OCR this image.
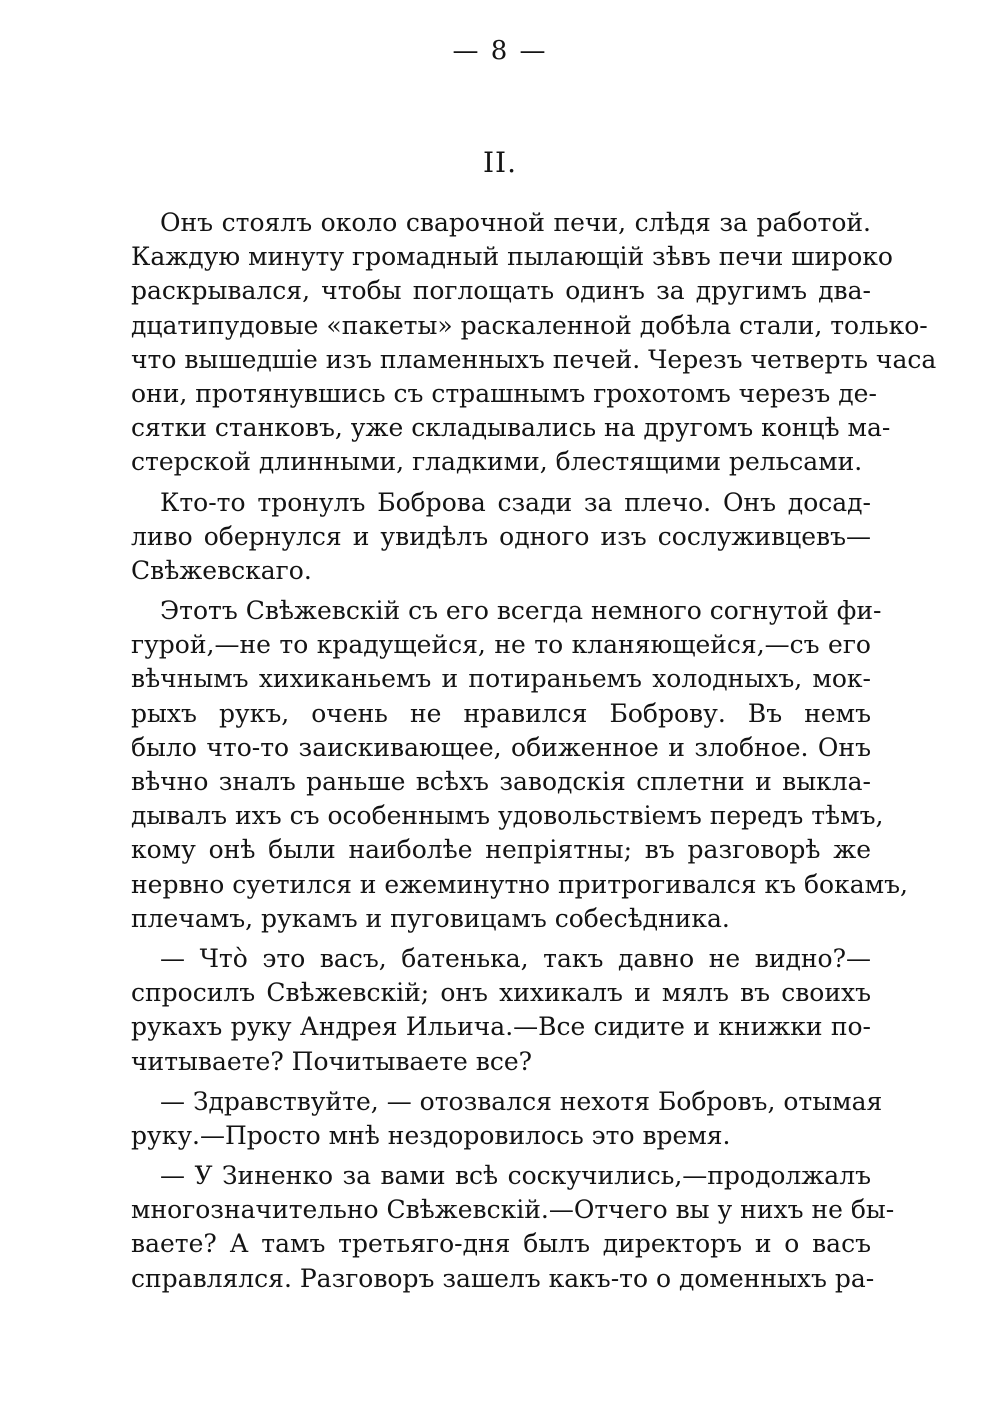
— 8 —
II.
Онъ стоялъ около сварочной печи, слѣдя за работой.
Каждую минуту громадный пылающій зѣвъ печи широко
раскрывался, чтобы поглощать одинъ за другимъ два-
дцатипудовые «пакеты» раскаленной добѣла стали, только-
что вышедшіе изъ пламенныхъ печей. Черезъ четверть часа
они, протянувшись съ страшнымъ грохотомъ черезъ де-
сятки станковъ, уже складывались на другомъ концѣ ма-
стерской длинными, гладкими, блестящими рельсами.
Кто-то тронулъ Боброва сзади за плечо. Онъ досад-
ливо обернулся и увидѣлъ одного изъ сослуживцевъ—
Свѣжевскаго.
Этотъ Свѣжевскій съ его всегда немного согнутой фи-
гурой,—не то крадущейся, не то кланяющейся,—съ его
вѣчнымъ хихиканьемъ и потираньемъ холодныхъ, мок-
рыхъ рукъ, очень не нравился Боброву. Въ немъ
было что-то заискивающее, обиженное и злобное. Онъ
вѣчно зналъ раньше всѣхъ заводскія сплетни и выкла-
дывалъ ихъ съ особеннымъ удовольствіемъ передъ тѣмъ,
кому онѣ были наиболѣе непріятны; въ разговорѣ же
нервно суетился и ежеминутно притрогивался къ бокамъ,
плечамъ, рукамъ и пуговицамъ собесѣдника.
— Чтò это васъ, батенька, такъ давно не видно?—
спросилъ Свѣжевскій; онъ хихикалъ и мялъ въ своихъ
рукахъ руку Андрея Ильича.—Все сидите и книжки по-
читываете? Почитываете все?
— Здравствуйте, — отозвался нехотя Бобровъ, отымая
руку.—Просто мнѣ нездоровилось это время.
— У Зиненко за вами всѣ соскучились,—продолжалъ
многозначительно Свѣжевскій.—Отчего вы у нихъ не бы-
ваете? А тамъ третьяго-дня былъ директоръ и о васъ
справлялся. Разговоръ зашелъ какъ-то о доменныхъ ра-
